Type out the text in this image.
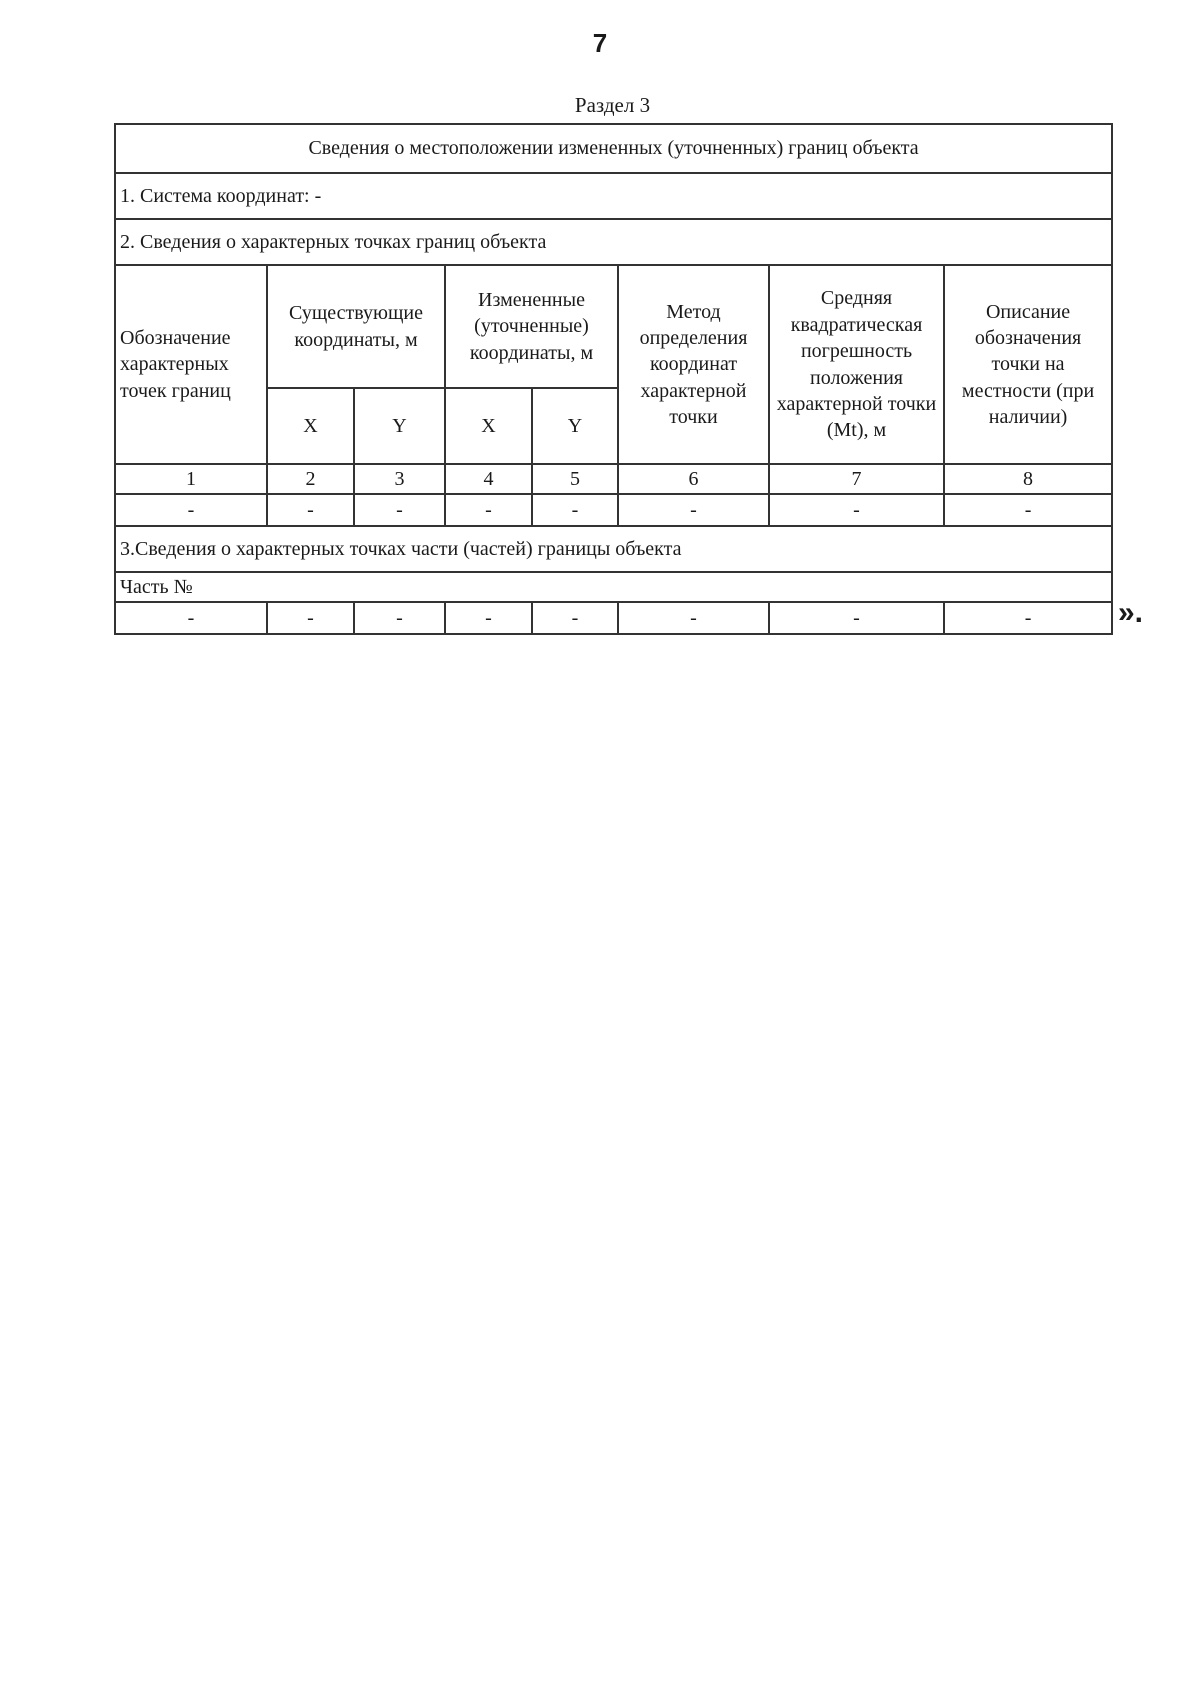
7
Раздел 3
Сведения о местоположении измененных (уточненных) границ объекта							
1. Система координат: -							
2. Сведения о характерных точках границ объекта							
Обозначение характерных точек границ	Существующие координаты, м		Измененные (уточненные) координаты, м		Метод определения координат характерной точки	Средняя квадратическая погрешность положения характерной точки (Mt), м	Описание обозначения точки на местности (при наличии)
	X	Y	X	Y			
1	2	3	4	5	6	7	8
-	-	-	-	-	-	-	-
3.Сведения о характерных точках части (частей) границы объекта							
Часть №							
-	-	-	-	-	-	-	-	».
